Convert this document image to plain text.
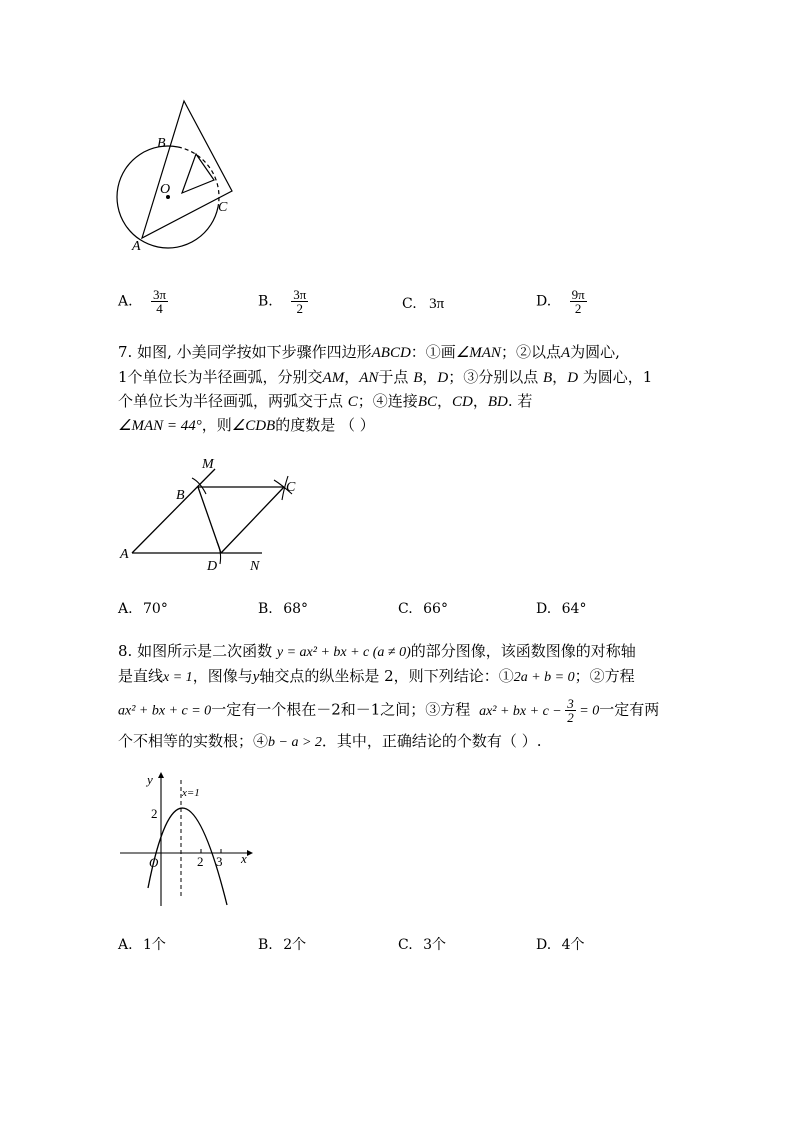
B
O
C
A
A. $\frac{3\pi}{4}$	B. $\frac{3\pi}{2}$	C. 3π	D. $\frac{9\pi}{2}$
7. 如图, 小美同学按如下步骤作四边形ABCD：①画∠MAN；②以点A为圆心,
1个单位长为半径画弧，分别交AM，AN于点 B，D；③分别以点 B，D 为圆心，1
个单位长为半径画弧，两弧交于点 C；④连接BC，CD，BD. 若
∠MAN = 44°，则∠CDB的度数是 （ ）
M
B
C
A
D N
A. 70°	B. 68°	C. 66°	D. 64°
8. 如图所示是二次函数 y = ax² + bx + c (a ≠ 0)的部分图像，该函数图像的对称轴
是直线x = 1，图像与y轴交点的纵坐标是 2，则下列结论：①2a + b = 0；②方程
ax² + bx + c = 0一定有一个根在－2和－1之间；③方程 ax² + bx + $c - \frac{3}{2} = 0$一定有两
个不相等的实数根；④b − a > 2．其中，正确结论的个数有（ ）.
y
x=1
2
O	2 3 x
A. 1个	B. 2个	C. 3个	D. 4个
